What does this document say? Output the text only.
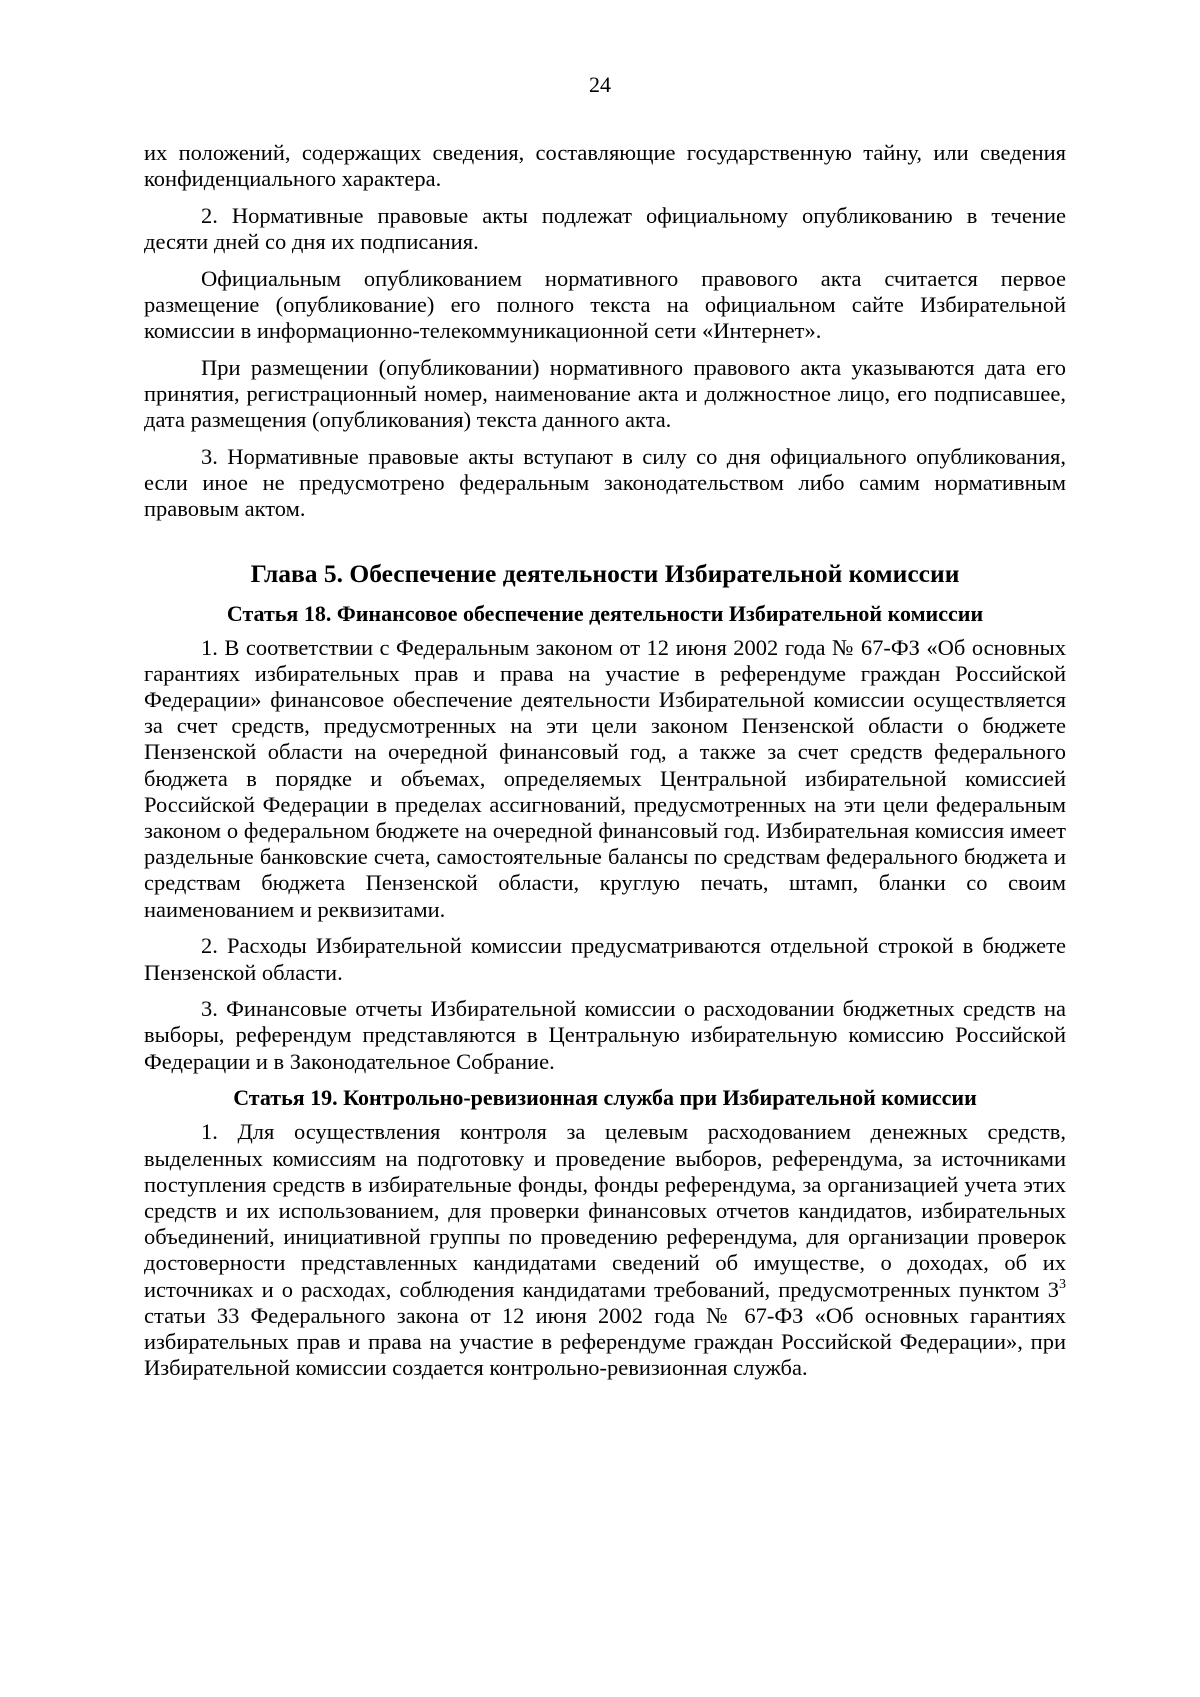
24

их положений, содержащих сведения, составляющие государственную тайну, или сведения конфиденциального характера.

2. Нормативные правовые акты подлежат официальному опубликованию в течение десяти дней со дня их подписания.

Официальным опубликованием нормативного правового акта считается первое размещение (опубликование) его полного текста на официальном сайте Избирательной комиссии в информационно-телекоммуникационной сети «Интернет».

При размещении (опубликовании) нормативного правового акта указываются дата его принятия, регистрационный номер, наименование акта и должностное лицо, его подписавшее, дата размещения (опубликования) текста данного акта.

3. Нормативные правовые акты вступают в силу со дня официального опубликования, если иное не предусмотрено федеральным законодательством либо самим нормативным правовым актом.

Глава 5. Обеспечение деятельности Избирательной комиссии
Статья 18. Финансовое обеспечение деятельности Избирательной комиссии

1. В соответствии с Федеральным законом от 12 июня 2002 года № 67-ФЗ «Об основных гарантиях избирательных прав и права на участие в референдуме граждан Российской Федерации» финансовое обеспечение деятельности Избирательной комиссии осуществляется за счет средств, предусмотренных на эти цели законом Пензенской области о бюджете Пензенской области на очередной финансовый год, а также за счет средств федерального бюджета в порядке и объемах, определяемых Центральной избирательной комиссией Российской Федерации в пределах ассигнований, предусмотренных на эти цели федеральным законом о федеральном бюджете на очередной финансовый год. Избирательная комиссия имеет раздельные банковские счета, самостоятельные балансы по средствам федерального бюджета и средствам бюджета Пензенской области, круглую печать, штамп, бланки со своим наименованием и реквизитами.

2. Расходы Избирательной комиссии предусматриваются отдельной строкой в бюджете Пензенской области.

3. Финансовые отчеты Избирательной комиссии о расходовании бюджетных средств на выборы, референдум представляются в Центральную избирательную комиссию Российской Федерации и в Законодательное Собрание.

Статья 19. Контрольно-ревизионная служба при Избирательной комиссии

1. Для осуществления контроля за целевым расходованием денежных средств, выделенных комиссиям на подготовку и проведение выборов, референдума, за источниками поступления средств в избирательные фонды, фонды референдума, за организацией учета этих средств и их использованием, для проверки финансовых отчетов кандидатов, избирательных объединений, инициативной группы по проведению референдума, для организации проверок достоверности представленных кандидатами сведений об имуществе, о доходах, об их источниках и о расходах, соблюдения кандидатами требований, предусмотренных пунктом $3^3$ статьи 33 Федерального закона от 12 июня 2002 года № 67-ФЗ «Об основных гарантиях избирательных прав и права на участие в референдуме граждан Российской Федерации», при Избирательной комиссии создается контрольно-ревизионная служба.
